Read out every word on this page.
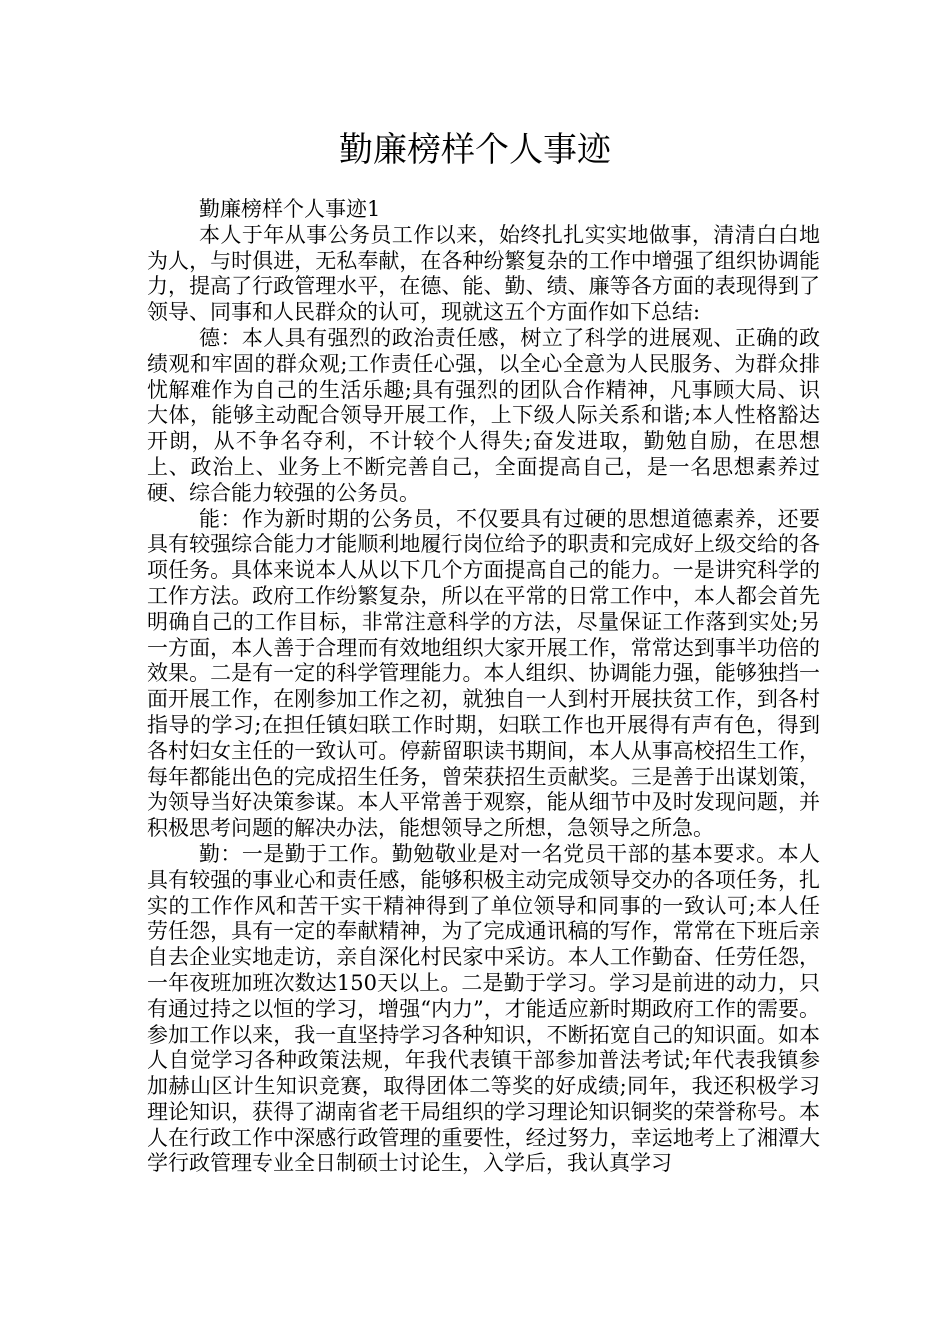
勤廉榜样个人事迹

勤廉榜样个人事迹1

本人于年从事公务员工作以来，始终扎扎实实地做事，清清白白地为人，与时俱进，无私奉献，在各种纷繁复杂的工作中增强了组织协调能力，提高了行政管理水平，在德、能、勤、绩、廉等各方面的表现得到了领导、同事和人民群众的认可，现就这五个方面作如下总结:

德：本人具有强烈的政治责任感，树立了科学的进展观、正确的政绩观和牢固的群众观;工作责任心强，以全心全意为人民服务、为群众排忧解难作为自己的生活乐趣;具有强烈的团队合作精神，凡事顾大局、识大体，能够主动配合领导开展工作，上下级人际关系和谐;本人性格豁达开朗，从不争名夺利，不计较个人得失;奋发进取，勤勉自励，在思想上、政治上、业务上不断完善自己，全面提高自己，是一名思想素养过硬、综合能力较强的公务员。

能：作为新时期的公务员，不仅要具有过硬的思想道德素养，还要具有较强综合能力才能顺利地履行岗位给予的职责和完成好上级交给的各项任务。具体来说本人从以下几个方面提高自己的能力。一是讲究科学的工作方法。政府工作纷繁复杂，所以在平常的日常工作中，本人都会首先明确自己的工作目标，非常注意科学的方法，尽量保证工作落到实处;另一方面，本人善于合理而有效地组织大家开展工作，常常达到事半功倍的效果。二是有一定的科学管理能力。本人组织、协调能力强，能够独挡一面开展工作，在刚参加工作之初，就独自一人到村开展扶贫工作，到各村指导的学习;在担任镇妇联工作时期，妇联工作也开展得有声有色，得到各村妇女主任的一致认可。停薪留职读书期间，本人从事高校招生工作，每年都能出色的完成招生任务，曾荣获招生贡献奖。三是善于出谋划策，为领导当好决策参谋。本人平常善于观察，能从细节中及时发现问题，并积极思考问题的解决办法，能想领导之所想，急领导之所急。

勤：一是勤于工作。勤勉敬业是对一名党员干部的基本要求。本人具有较强的事业心和责任感，能够积极主动完成领导交办的各项任务，扎实的工作作风和苦干实干精神得到了单位领导和同事的一致认可;本人任劳任怨，具有一定的奉献精神，为了完成通讯稿的写作，常常在下班后亲自去企业实地走访，亲自深化村民家中采访。本人工作勤奋、任劳任怨，一年夜班加班次数达150天以上。二是勤于学习。学习是前进的动力，只有通过持之以恒的学习，增强“内力”，才能适应新时期政府工作的需要。参加工作以来，我一直坚持学习各种知识，不断拓宽自己的知识面。如本人自觉学习各种政策法规，年我代表镇干部参加普法考试;年代表我镇参加赫山区计生知识竞赛，取得团体二等奖的好成绩;同年，我还积极学习理论知识，获得了湖南省老干局组织的学习理论知识铜奖的荣誉称号。本人在行政工作中深感行政管理的重要性，经过努力，幸运地考上了湘潭大学行政管理专业全日制硕士讨论生，入学后，我认真学习
